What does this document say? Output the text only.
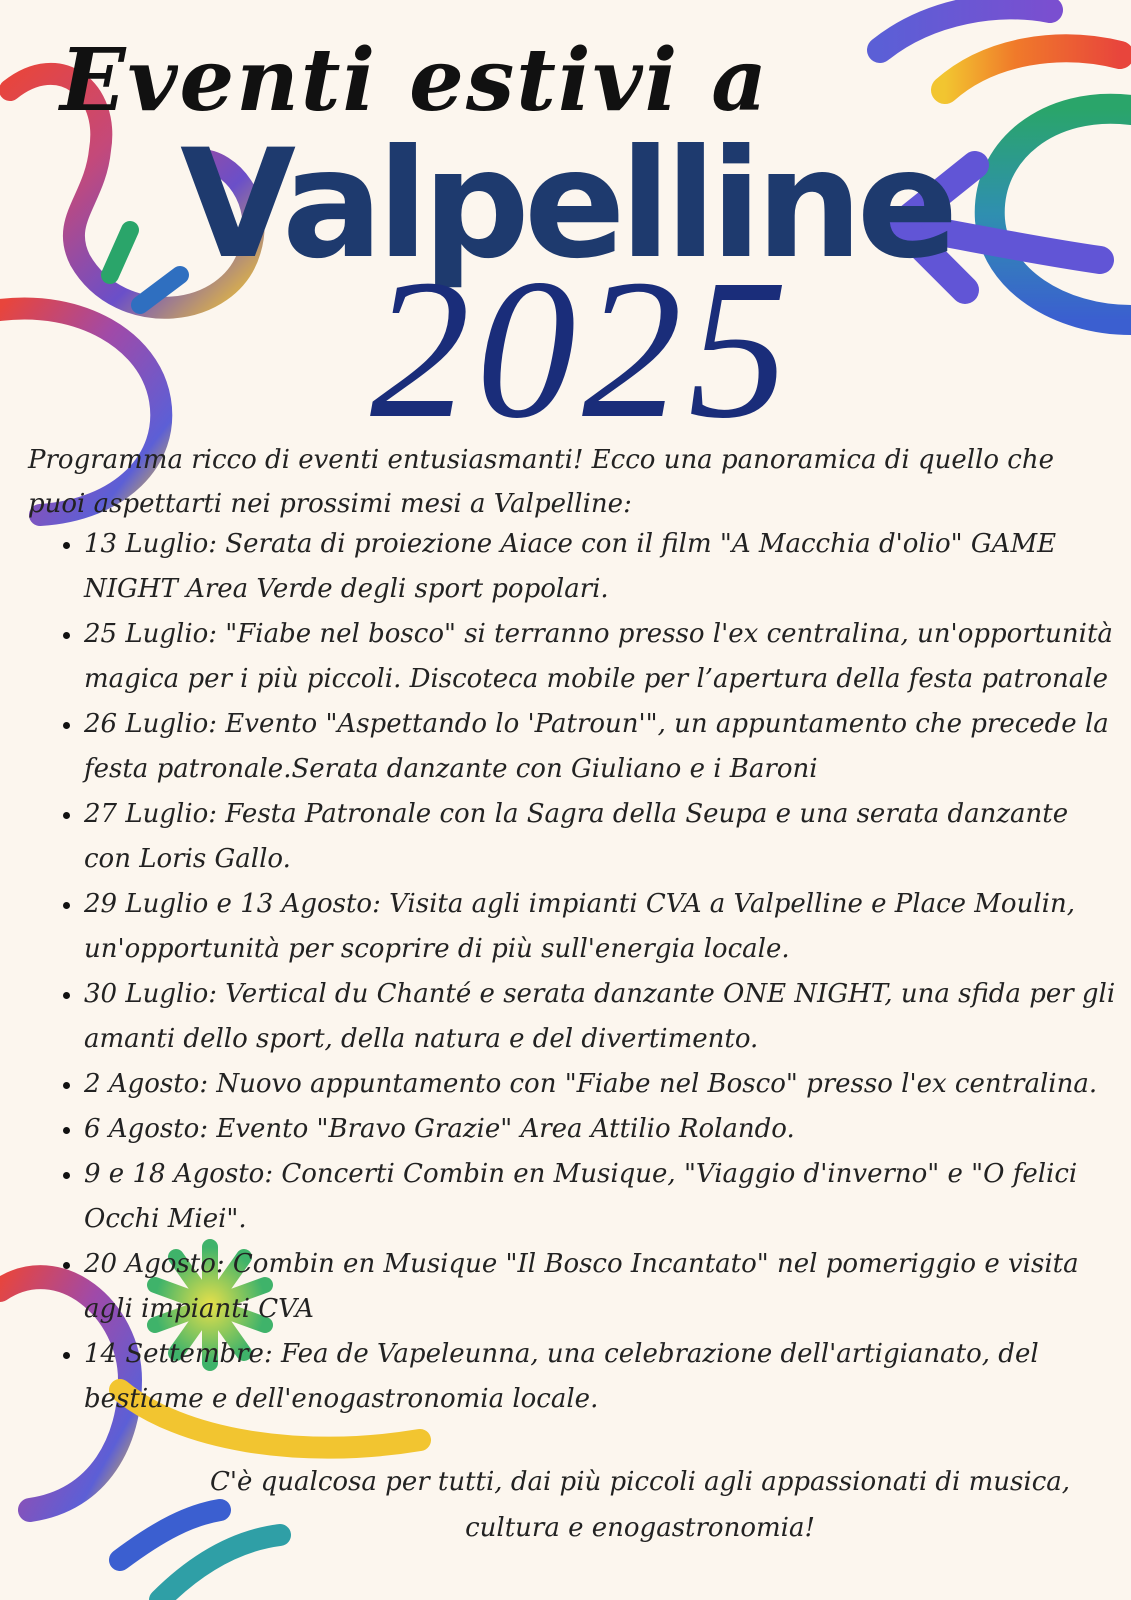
Eventi estivi a
Valpelline
2025

Programma ricco di eventi entusiasmanti! Ecco una panoramica di quello che puoi aspettarti nei prossimi mesi a Valpelline:

• 13 Luglio: Serata di proiezione Aiace con il film "A Macchia d'olio" GAME NIGHT Area Verde degli sport popolari.
• 25 Luglio: "Fiabe nel bosco" si terranno presso l'ex centralina, un'opportunità magica per i più piccoli. Discoteca mobile per l’apertura della festa patronale
• 26 Luglio: Evento "Aspettando lo 'Patroun'", un appuntamento che precede la festa patronale.Serata danzante con Giuliano e i Baroni
• 27 Luglio: Festa Patronale con la Sagra della Seupa e una serata danzante con Loris Gallo.
• 29 Luglio e 13 Agosto: Visita agli impianti CVA a Valpelline e Place Moulin, un'opportunità per scoprire di più sull'energia locale.
• 30 Luglio: Vertical du Chanté e serata danzante ONE NIGHT, una sfida per gli amanti dello sport, della natura e del divertimento.
• 2 Agosto: Nuovo appuntamento con "Fiabe nel Bosco" presso l'ex centralina.
• 6 Agosto: Evento "Bravo Grazie" Area Attilio Rolando.
• 9 e 18 Agosto: Concerti Combin en Musique, "Viaggio d'inverno" e "O felici Occhi Miei".
• 20 Agosto: Combin en Musique "Il Bosco Incantato" nel pomeriggio e visita agli impianti CVA
• 14 Settembre: Fea de Vapeleunna, una celebrazione dell'artigianato, del bestiame e dell'enogastronomia locale.
C'è qualcosa per tutti, dai più piccoli agli appassionati di musica,
cultura e enogastronomia!
